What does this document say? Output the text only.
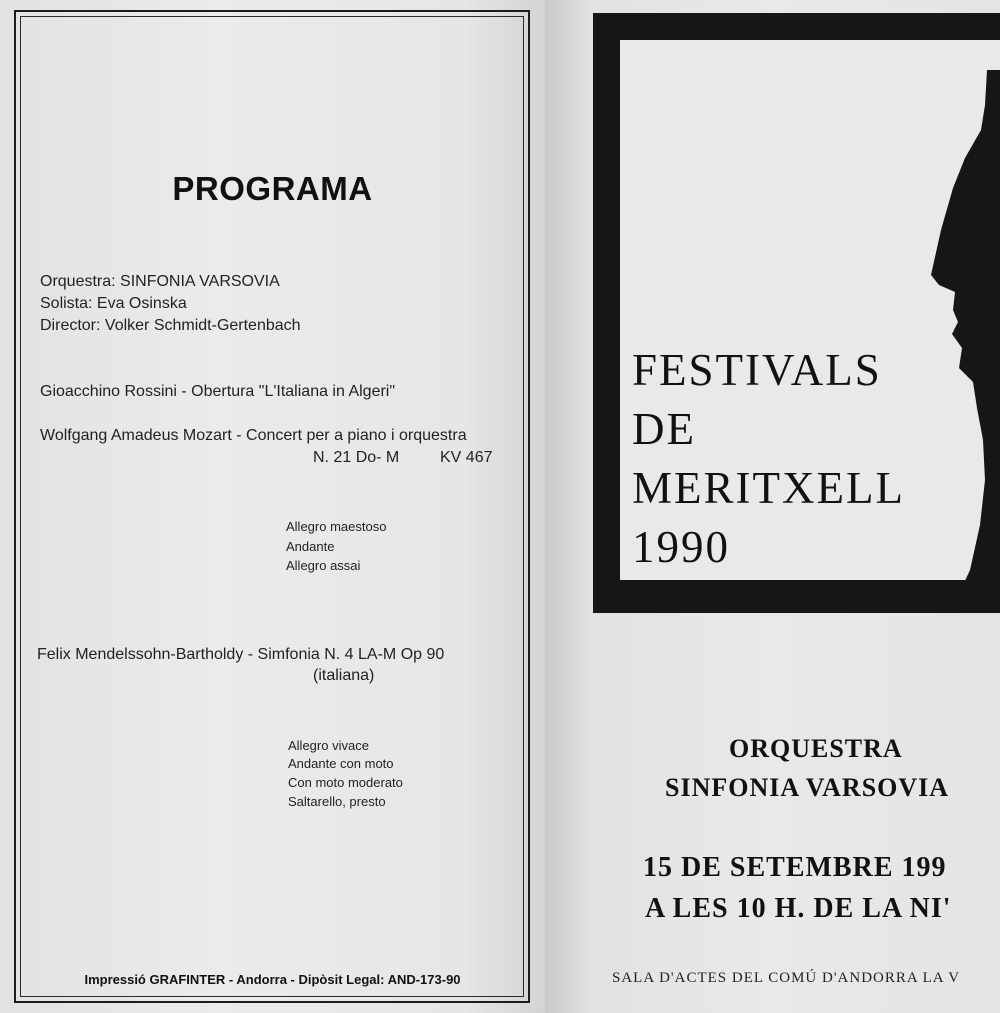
PROGRAMA
Orquestra: SINFONIA VARSOVIA
Solista: Eva Osinska
Director: Volker Schmidt-Gertenbach
Gioacchino Rossini - Obertura "L'Italiana in Algeri"
Wolfgang Amadeus Mozart - Concert per a piano i orquestra
N. 21 Do- M	KV 467
Allegro maestoso
Andante
Allegro assai
Felix Mendelssohn-Bartholdy - Simfonia N. 4 LA-M Op 90
(italiana)
Allegro vivace
Andante con moto
Con moto moderato
Saltarello, presto
Impressió GRAFINTER - Andorra - Dipòsit Legal: AND-173-90
FESTIVALS
DE
MERITXELL
1990
ORQUESTRA
SINFONIA VARSOVIA
15 DE SETEMBRE 199
A LES 10 H. DE LA NI'
SALA D'ACTES DEL COMÚ D'ANDORRA LA V
